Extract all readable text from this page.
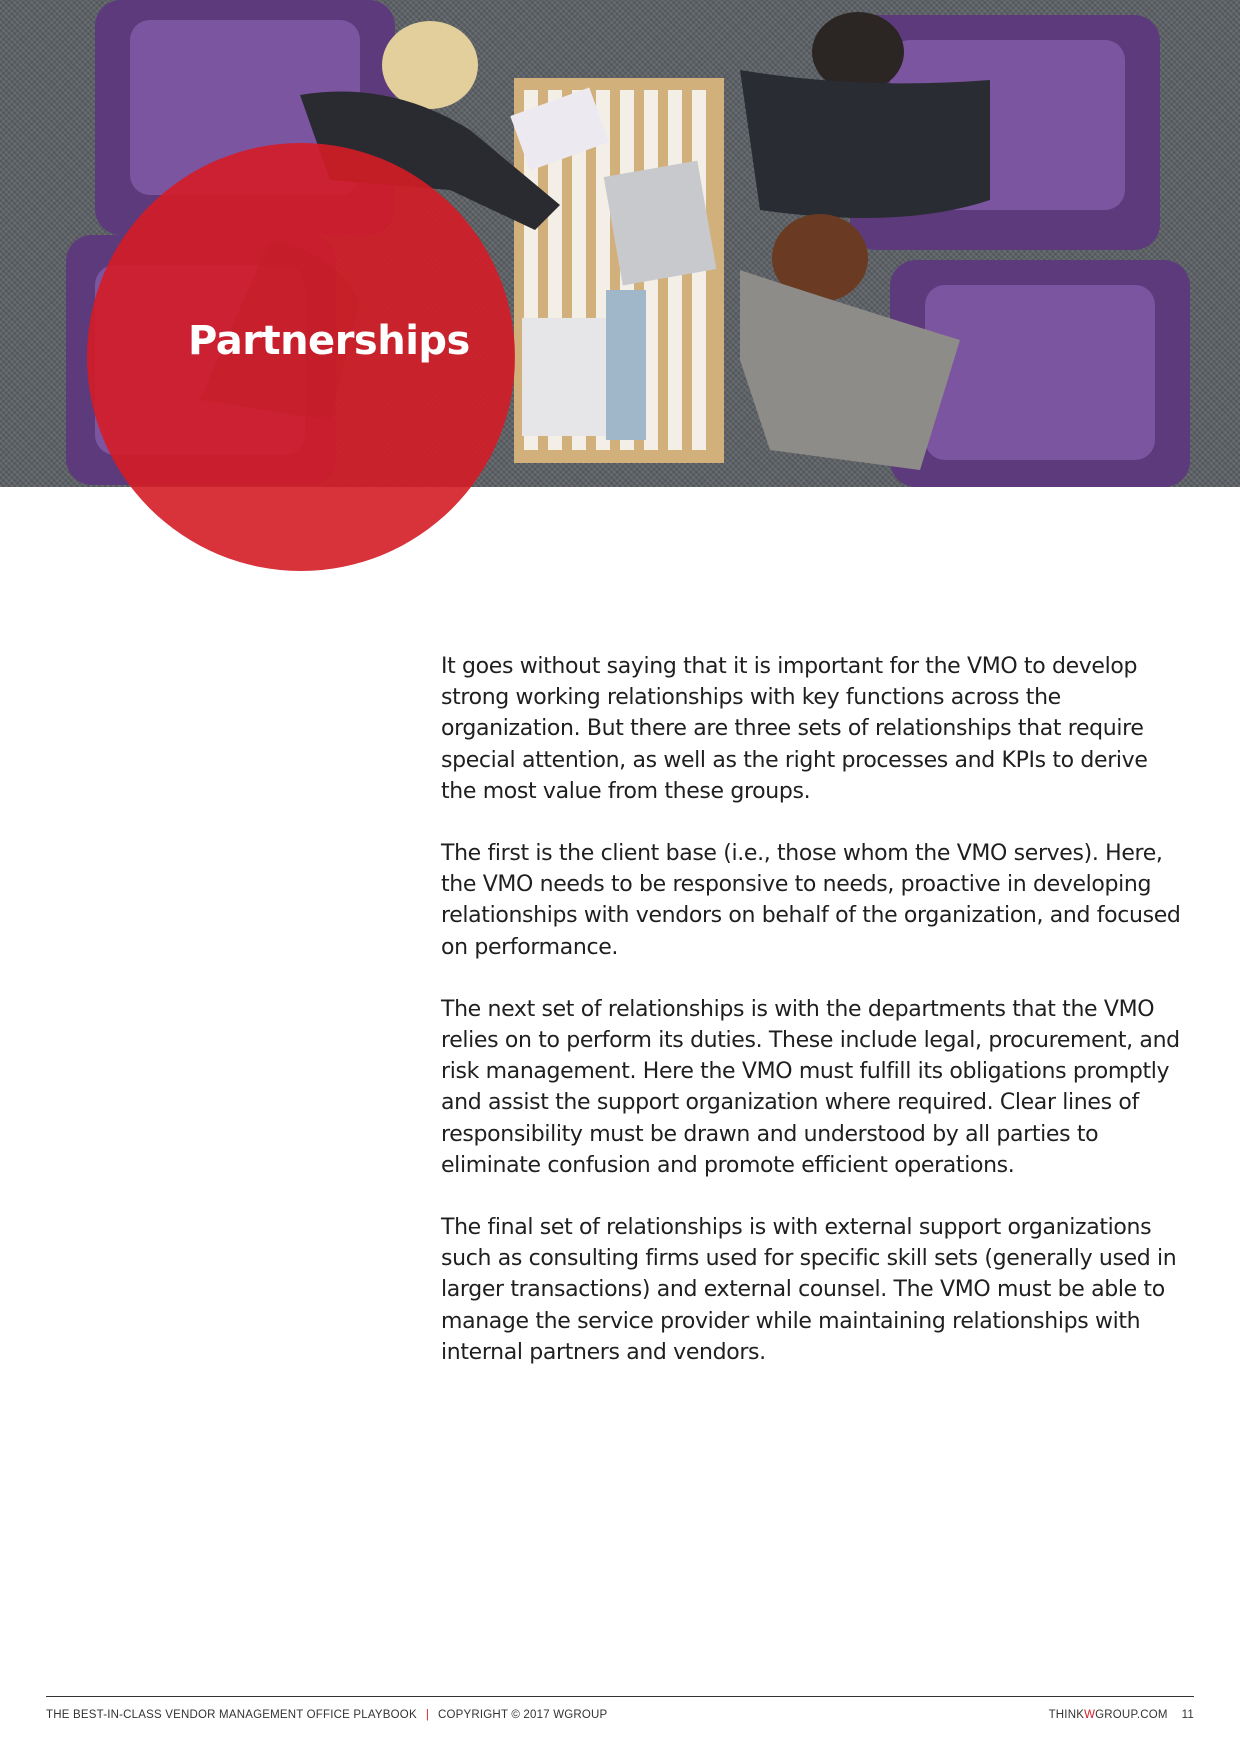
Partnerships

It goes without saying that it is important for the VMO to develop strong working relationships with key functions across the organization. But there are three sets of relationships that require special attention, as well as the right processes and KPIs to derive the most value from these groups.

The first is the client base (i.e., those whom the VMO serves). Here, the VMO needs to be responsive to needs, proactive in developing relationships with vendors on behalf of the organization, and focused on performance.

The next set of relationships is with the departments that the VMO relies on to perform its duties. These include legal, procurement, and risk management. Here the VMO must fulfill its obligations promptly and assist the support organization where required. Clear lines of responsibility must be drawn and understood by all parties to eliminate confusion and promote efficient operations.

The final set of relationships is with external support organizations such as consulting firms used for specific skill sets (generally used in larger transactions) and external counsel. The VMO must be able to manage the service provider while maintaining relationships with internal partners and vendors.

THE BEST-IN-CLASS VENDOR MANAGEMENT OFFICE PLAYBOOK | COPYRIGHT © 2017 WGROUP	THINKWGROUP.COM 11
